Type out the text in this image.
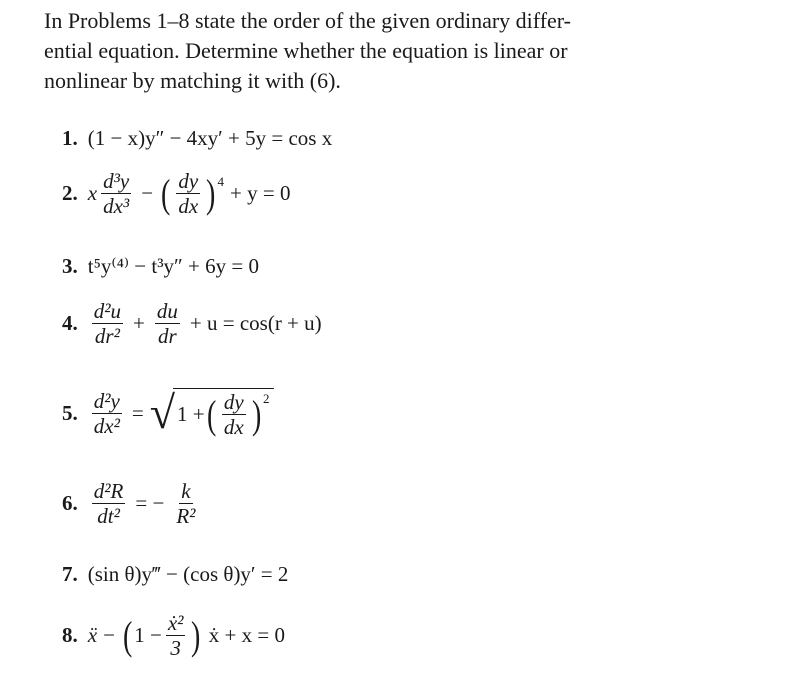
In Problems 1–8 state the order of the given ordinary differ-
ential equation. Determine whether the equation is linear or
nonlinear by matching it with (6).
1. (1 − x)y″ − 4xy′ + 5y = cos x
2. x $\frac{\text{d³y}}{\text{dx³}}$ − ( $\frac{dy}{dx}$ ) 4 + y = 0
3. t⁵y⁽⁴⁾ − t³y″ + 6y = 0
4. $\frac{\text{d²u}}{\text{dr²}} + \frac{du}{dr} + u = \cos(r + u)$
5. $\frac{\text{d²y}}{\text{dx²}}$ = √ 1 + ( $\frac{dy}{dx}$ ) 2
6. $\frac{\text{d²R}}{\text{dt²}}$ = − $\frac{k}{\text{R²}}$
7. (sin θ)y‴ − (cos θ)y′ = 2
8. ẍ − ( $1 - \frac{\text{ẋ²}}{3}$ ) ẋ + x = 0
